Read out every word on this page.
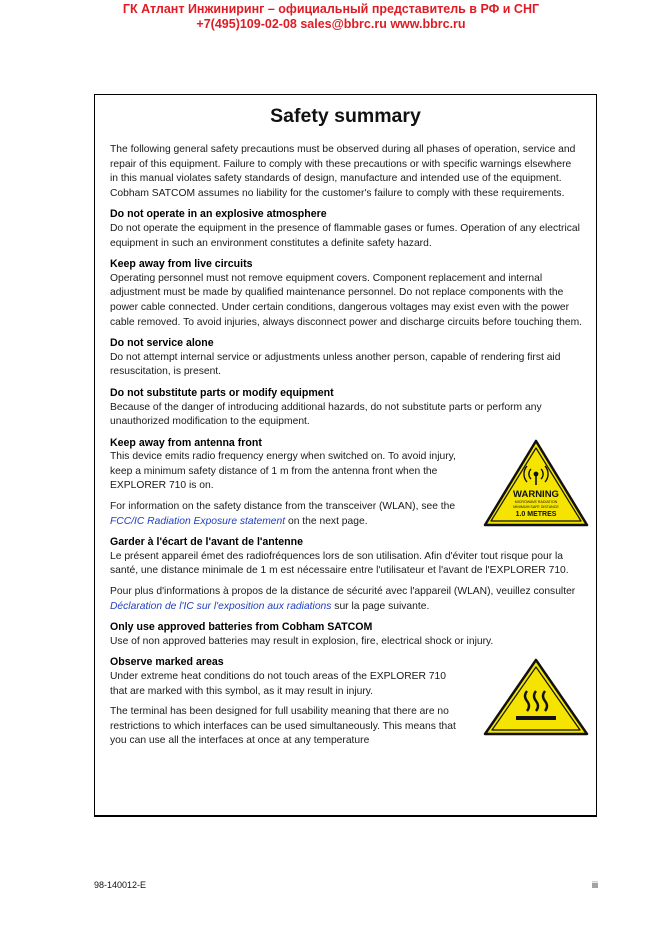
ГК Атлант Инжиниринг – официальный представитель в РФ и СНГ
+7(495)109-02-08 sales@bbrc.ru www.bbrc.ru
Safety summary

The following general safety precautions must be observed during all phases of operation, service and repair of this equipment. Failure to comply with these precautions or with specific warnings elsewhere in this manual violates safety standards of design, manufacture and intended use of the equipment. Cobham SATCOM assumes no liability for the customer's failure to comply with these requirements.

Do not operate in an explosive atmosphere

Do not operate the equipment in the presence of flammable gases or fumes. Operation of any electrical equipment in such an environment constitutes a definite safety hazard.

Keep away from live circuits

Operating personnel must not remove equipment covers. Component replacement and internal adjustment must be made by qualified maintenance personnel. Do not replace components with the power cable connected. Under certain conditions, dangerous voltages may exist even with the power cable removed. To avoid injuries, always disconnect power and discharge circuits before touching them.

Do not service alone

Do not attempt internal service or adjustments unless another person, capable of rendering first aid resuscitation, is present.

Do not substitute parts or modify equipment

Because of the danger of introducing additional hazards, do not substitute parts or perform any unauthorized modification to the equipment.

Keep away from antenna front

This device emits radio frequency energy when switched on. To avoid injury, keep a minimum safety distance of 1 m from the antenna front when the EXPLORER 710 is on.

For information on the safety distance from the transceiver (WLAN), see the FCC/IC Radiation Exposure statement on the next page.

WARNING
MICROWAVE RADIATION
MINIMUM SAFE DISTANCE
1.0 METRES
Garder à l'écart de l'avant de l'antenne

Le présent appareil émet des radiofréquences lors de son utilisation. Afin d'éviter tout risque pour la santé, une distance minimale de 1 m est nécessaire entre l'utilisateur et l'avant de l'EXPLORER 710.

Pour plus d'informations à propos de la distance de sécurité avec l'appareil (WLAN), veuillez consulter Déclaration de l'IC sur l'exposition aux radiations sur la page suivante.

Only use approved batteries from Cobham SATCOM

Use of non approved batteries may result in explosion, fire, electrical shock or injury.

Observe marked areas

Under extreme heat conditions do not touch areas of the EXPLORER 710 that are marked with this symbol, as it may result in injury.

The terminal has been designed for full usability meaning that there are no restrictions to which interfaces can be used simultaneously. This means that you can use all the interfaces at once at any temperature

98-140012-E	iii
